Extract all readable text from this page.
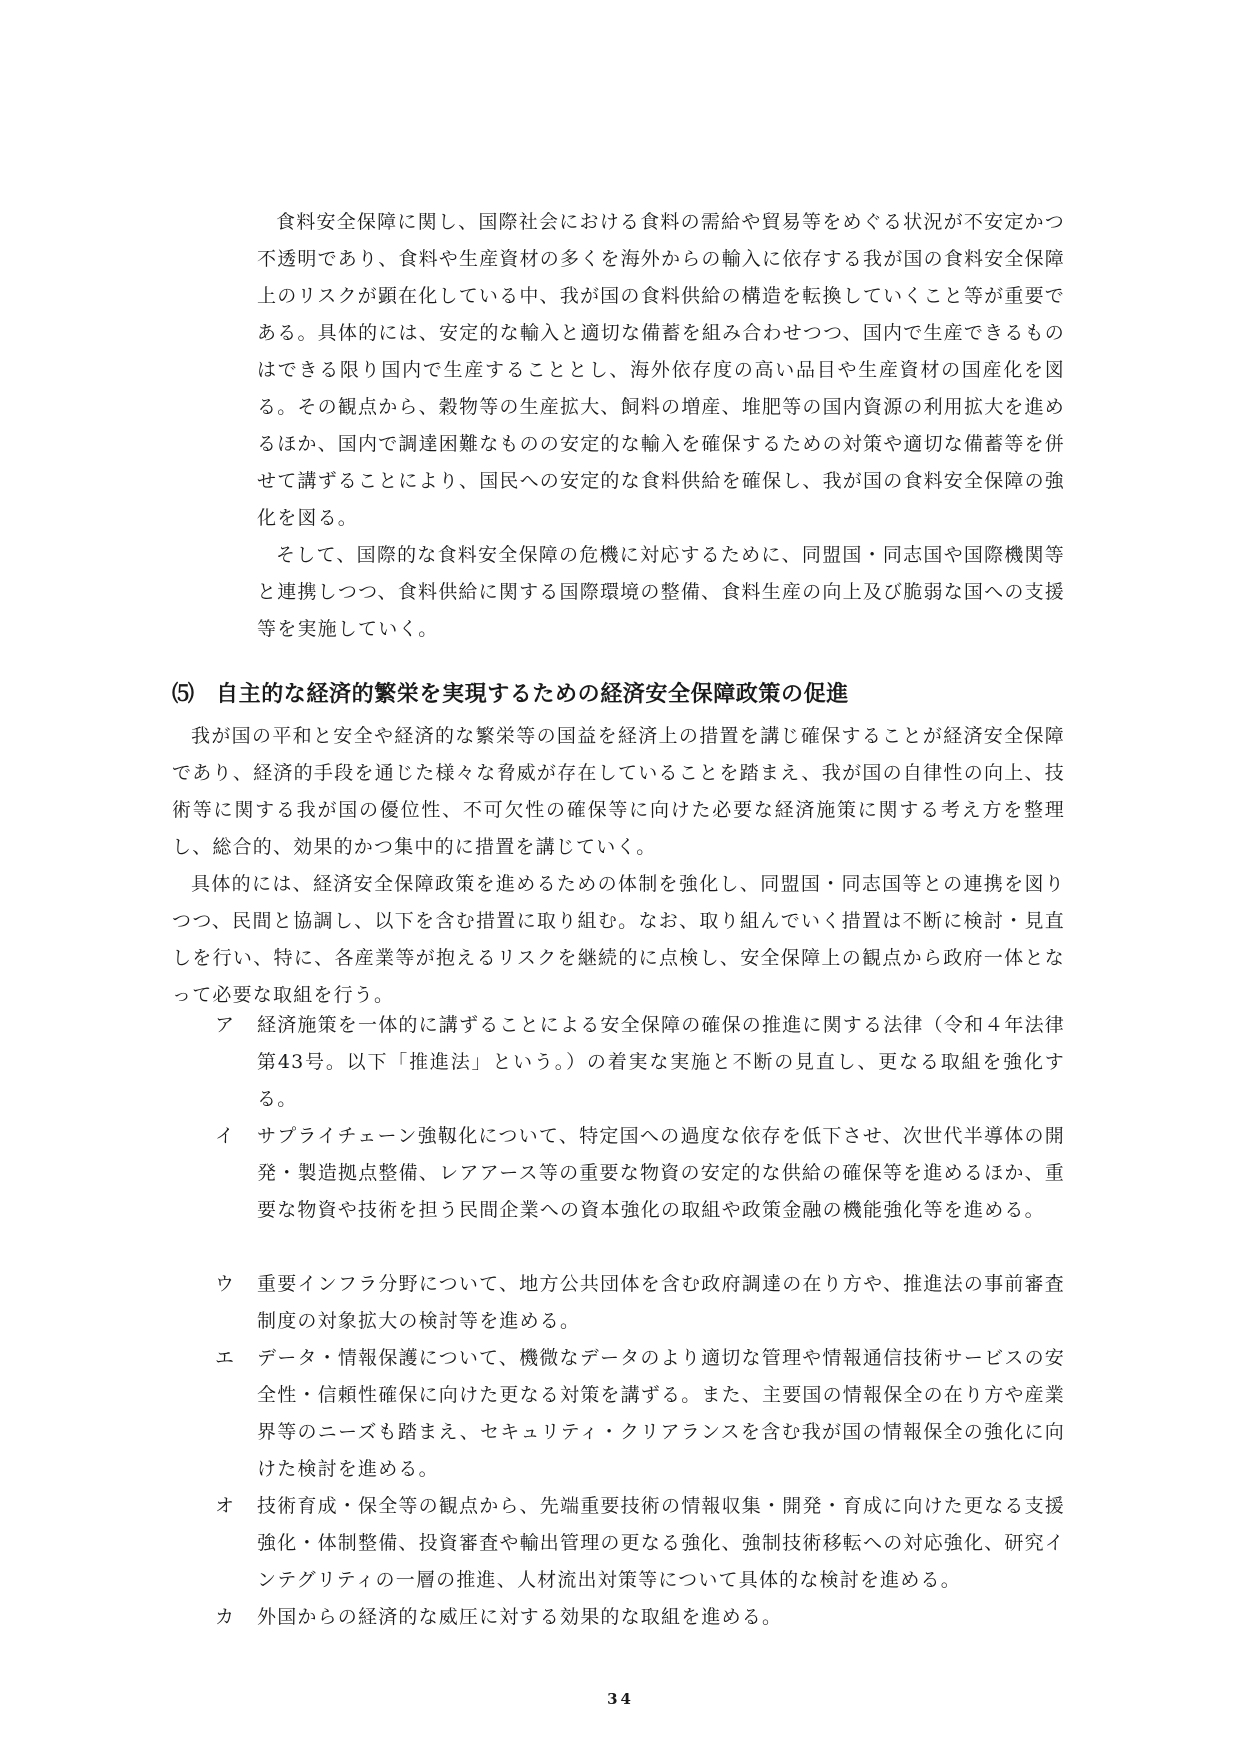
食料安全保障に関し、国際社会における食料の需給や貿易等をめぐる状況が不安定かつ不透明であり、食料や生産資材の多くを海外からの輸入に依存する我が国の食料安全保障上のリスクが顕在化している中、我が国の食料供給の構造を転換していくこと等が重要である。具体的には、安定的な輸入と適切な備蓄を組み合わせつつ、国内で生産できるものはできる限り国内で生産することとし、海外依存度の高い品目や生産資材の国産化を図る。その観点から、穀物等の生産拡大、飼料の増産、堆肥等の国内資源の利用拡大を進めるほか、国内で調達困難なものの安定的な輸入を確保するための対策や適切な備蓄等を併せて講ずることにより、国民への安定的な食料供給を確保し、我が国の食料安全保障の強化を図る。

そして、国際的な食料安全保障の危機に対応するために、同盟国・同志国や国際機関等と連携しつつ、食料供給に関する国際環境の整備、食料生産の向上及び脆弱な国への支援等を実施していく。

⑸ 自主的な経済的繁栄を実現するための経済安全保障政策の促進

我が国の平和と安全や経済的な繁栄等の国益を経済上の措置を講じ確保することが経済安全保障であり、経済的手段を通じた様々な脅威が存在していることを踏まえ、我が国の自律性の向上、技術等に関する我が国の優位性、不可欠性の確保等に向けた必要な経済施策に関する考え方を整理し、総合的、効果的かつ集中的に措置を講じていく。

具体的には、経済安全保障政策を進めるための体制を強化し、同盟国・同志国等との連携を図りつつ、民間と協調し、以下を含む措置に取り組む。なお、取り組んでいく措置は不断に検討・見直しを行い、特に、各産業等が抱えるリスクを継続的に点検し、安全保障上の観点から政府一体となって必要な取組を行う。

ア 経済施策を一体的に講ずることによる安全保障の確保の推進に関する法律（令和４年法律第43号。以下「推進法」という。）の着実な実施と不断の見直し、更なる取組を強化する。
イ サプライチェーン強靱化について、特定国への過度な依存を低下させ、次世代半導体の開発・製造拠点整備、レアアース等の重要な物資の安定的な供給の確保等を進めるほか、重要な物資や技術を担う民間企業への資本強化の取組や政策金融の機能強化等を進める。
ウ 重要インフラ分野について、地方公共団体を含む政府調達の在り方や、推進法の事前審査制度の対象拡大の検討等を進める。
エ データ・情報保護について、機微なデータのより適切な管理や情報通信技術サービスの安全性・信頼性確保に向けた更なる対策を講ずる。また、主要国の情報保全の在り方や産業界等のニーズも踏まえ、セキュリティ・クリアランスを含む我が国の情報保全の強化に向けた検討を進める。
オ 技術育成・保全等の観点から、先端重要技術の情報収集・開発・育成に向けた更なる支援強化・体制整備、投資審査や輸出管理の更なる強化、強制技術移転への対応強化、研究インテグリティの一層の推進、人材流出対策等について具体的な検討を進める。
カ 外国からの経済的な威圧に対する効果的な取組を進める。
34
